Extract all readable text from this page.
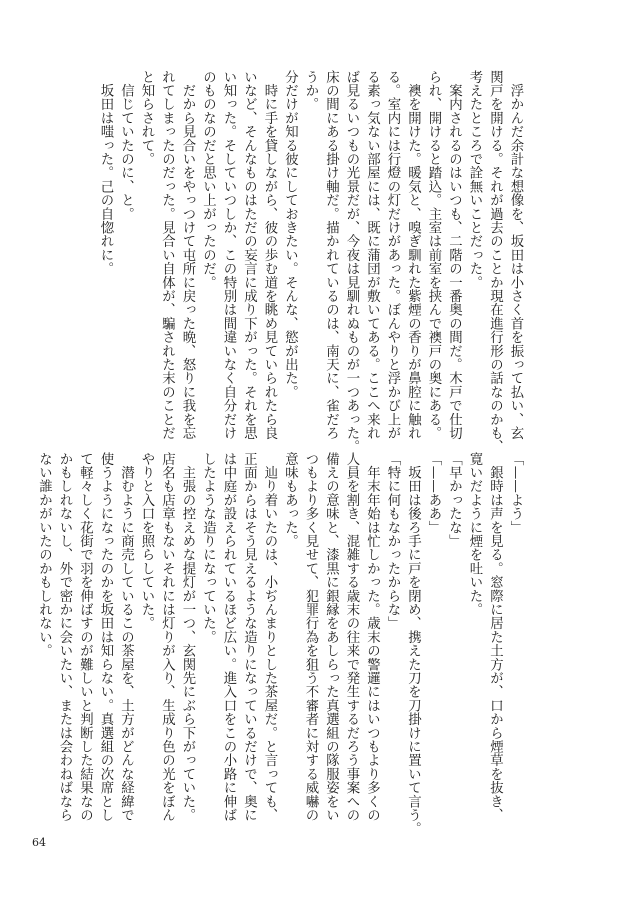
　浮かんだ余計な想像を、坂田は小さく首を振って払い、玄
関戸を開ける。それが過去のことか現在進行形の話なのかも、
考えたところで詮無いことだった。
　案内されるのはいつも、二階の一番奥の間だ。木戸で仕切
られ、開けると踏込。主室は前室を挟んで襖戸の奥にある。
　襖を開けた。暖気と、嗅ぎ馴れた紫煙の香りが鼻腔に触れ
る。室内には行燈の灯だけがあった。ぼんやりと浮かび上が
る素っ気ない部屋には、既に蒲団が敷いてある。ここへ来れ
ば見るいつもの光景だが、今夜は見馴れぬものが一つあった。
床の間にある掛け軸だ。描かれているのは、南天に、雀だろ
うか。
分だけが知る彼にしておきたい。そんな、慾が出た。
　時に手を貸しながら、彼の歩む道を眺め見ていられたら良
いなど、そんなものはただの妄言に成り下がった。それを思
い知った。そしていつしか、この特別は間違いなく自分だけ
のものなのだと思い上がったのだ。
　だから見合いをやっつけて屯所に戻った晩、怒りに我を忘
れてしまったのだった。見合い自体が、騙された末のことだ
と知らされて。
　信じていたのに、と。
　坂田は嗤った。己の自惚れに。

「——よう」
　銀時は声を見る。窓際に居た土方が、口から煙草を抜き、
寛いだように煙を吐いた。
「早かったな」
「——ああ」
　坂田は後ろ手に戸を閉め、携えた刀を刀掛けに置いて言う。
「特に何もなかったからな」
　年末年始は忙しかった。歳末の警邏にはいつもより多くの
人員を割き、混雑する歳末の往来で発生するだろう事案への
備えの意味と、漆黒に銀縁をあしらった真選組の隊服姿をい
つもより多く見せて、犯罪行為を狙う不審者に対する威嚇の
意味もあった。
　辿り着いたのは、小ぢんまりとした茶屋だ。と言っても、
正面からはそう見えるような造りになっているだけで、奥に
は中庭が設えられているほど広い。進入口をこの小路に伸ば
したような造りになっていた。
　主張の控えめな提灯が一つ、玄関先にぶら下がっていた。
店名も店章もないそれには灯りが入り、生成り色の光をぼん
やりと入口を照らしていた。
　潜むように商売しているこの茶屋を、土方がどんな経緯で
使うようになったのかを坂田は知らない。真選組の次席とし
て軽々しく花街で羽を伸ばすのが難しいと判断した結果なの
かもしれないし、外で密かに会いたい、または会わねばなら
ない誰かがいたのかもしれない。

64
